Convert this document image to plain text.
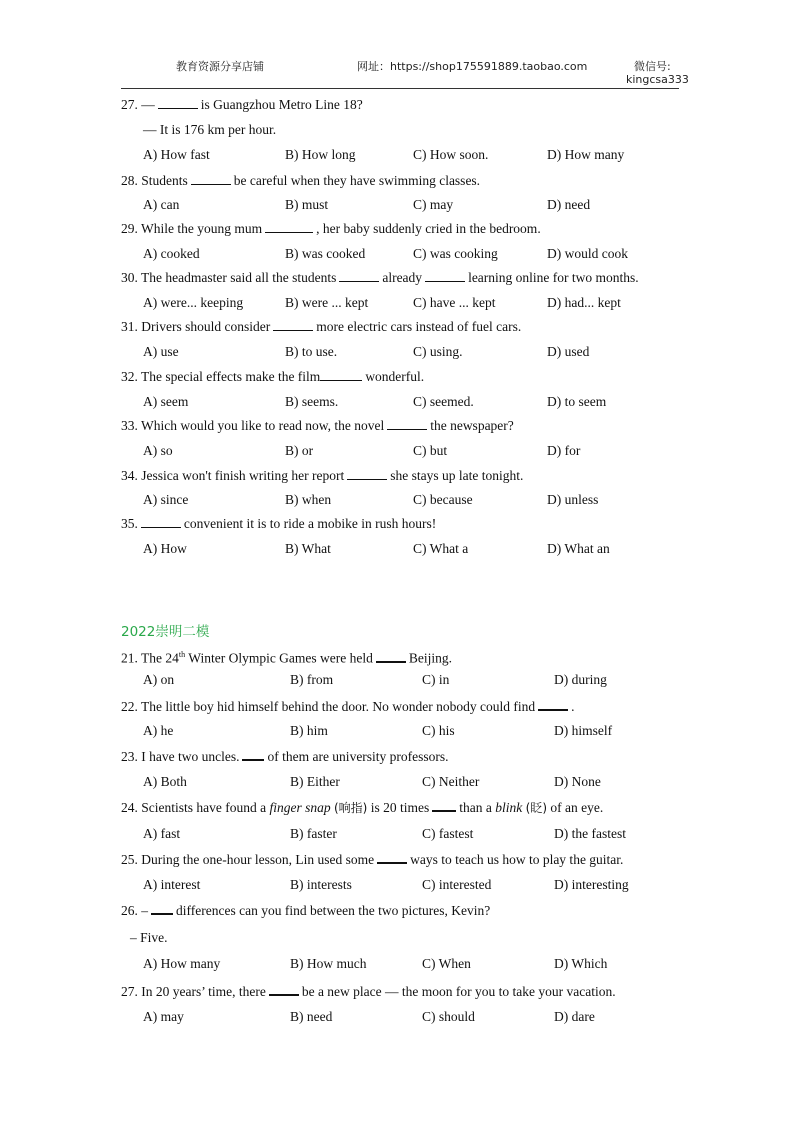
教育资源分享店铺	网址：https://shop175591889.taobao.com	微信号:
kingcsa333
27. —	is Guangzhou Metro Line 18?
— It is 176 km per hour.
A) How fast	B) How long	C) How soon.	D) How many
28. Students	be careful when they have swimming classes.
A) can	B) must	C) may	D) need
29. While the young mum	, her baby suddenly cried in the bedroom.
A) cooked	B) was cooked	C) was cooking	D) would cook
30. The headmaster said all the students	already	learning online for two months.
A) were... keeping	B) were ... kept	C) have ... kept	D) had... kept
31. Drivers should consider	more electric cars instead of fuel cars.
A) use	B) to use.	C) using.	D) used
32. The special effects make the film	wonderful.
A) seem	B) seems.	C) seemed.	D) to seem
33. Which would you like to read now, the novel	the newspaper?
A) so	B) or	C) but	D) for
34. Jessica won't finish writing her report	she stays up late tonight.
A) since	B) when	C) because	D) unless
35.	convenient it is to ride a mobike in rush hours!
A) How	B) What	C) What a	D) What an
2022崇明二模
21. The 24th Winter Olympic Games were held	Beijing.
A) on	B) from	C) in	D) during
22. The little boy hid himself behind the door. No wonder nobody could find	.
A) he	B) him	C) his	D) himself
23. I have two uncles. of them are university professors.
A) Both	B) Either	C) Neither	D) None
24. Scientists have found a finger snap (响指) is 20 times than a blink (眨) of an eye.
A) fast	B) faster	C) fastest	D) the fastest
25. During the one-hour lesson, Lin used some	ways to teach us how to play the guitar.
A) interest	B) interests	C) interested	D) interesting
26. – differences can you find between the two pictures, Kevin?
– Five.
A) How many	B) How much	C) When	D) Which
27. In 20 years’ time, there	be a new place — the moon for you to take your vacation.
A) may	B) need	C) should	D) dare
